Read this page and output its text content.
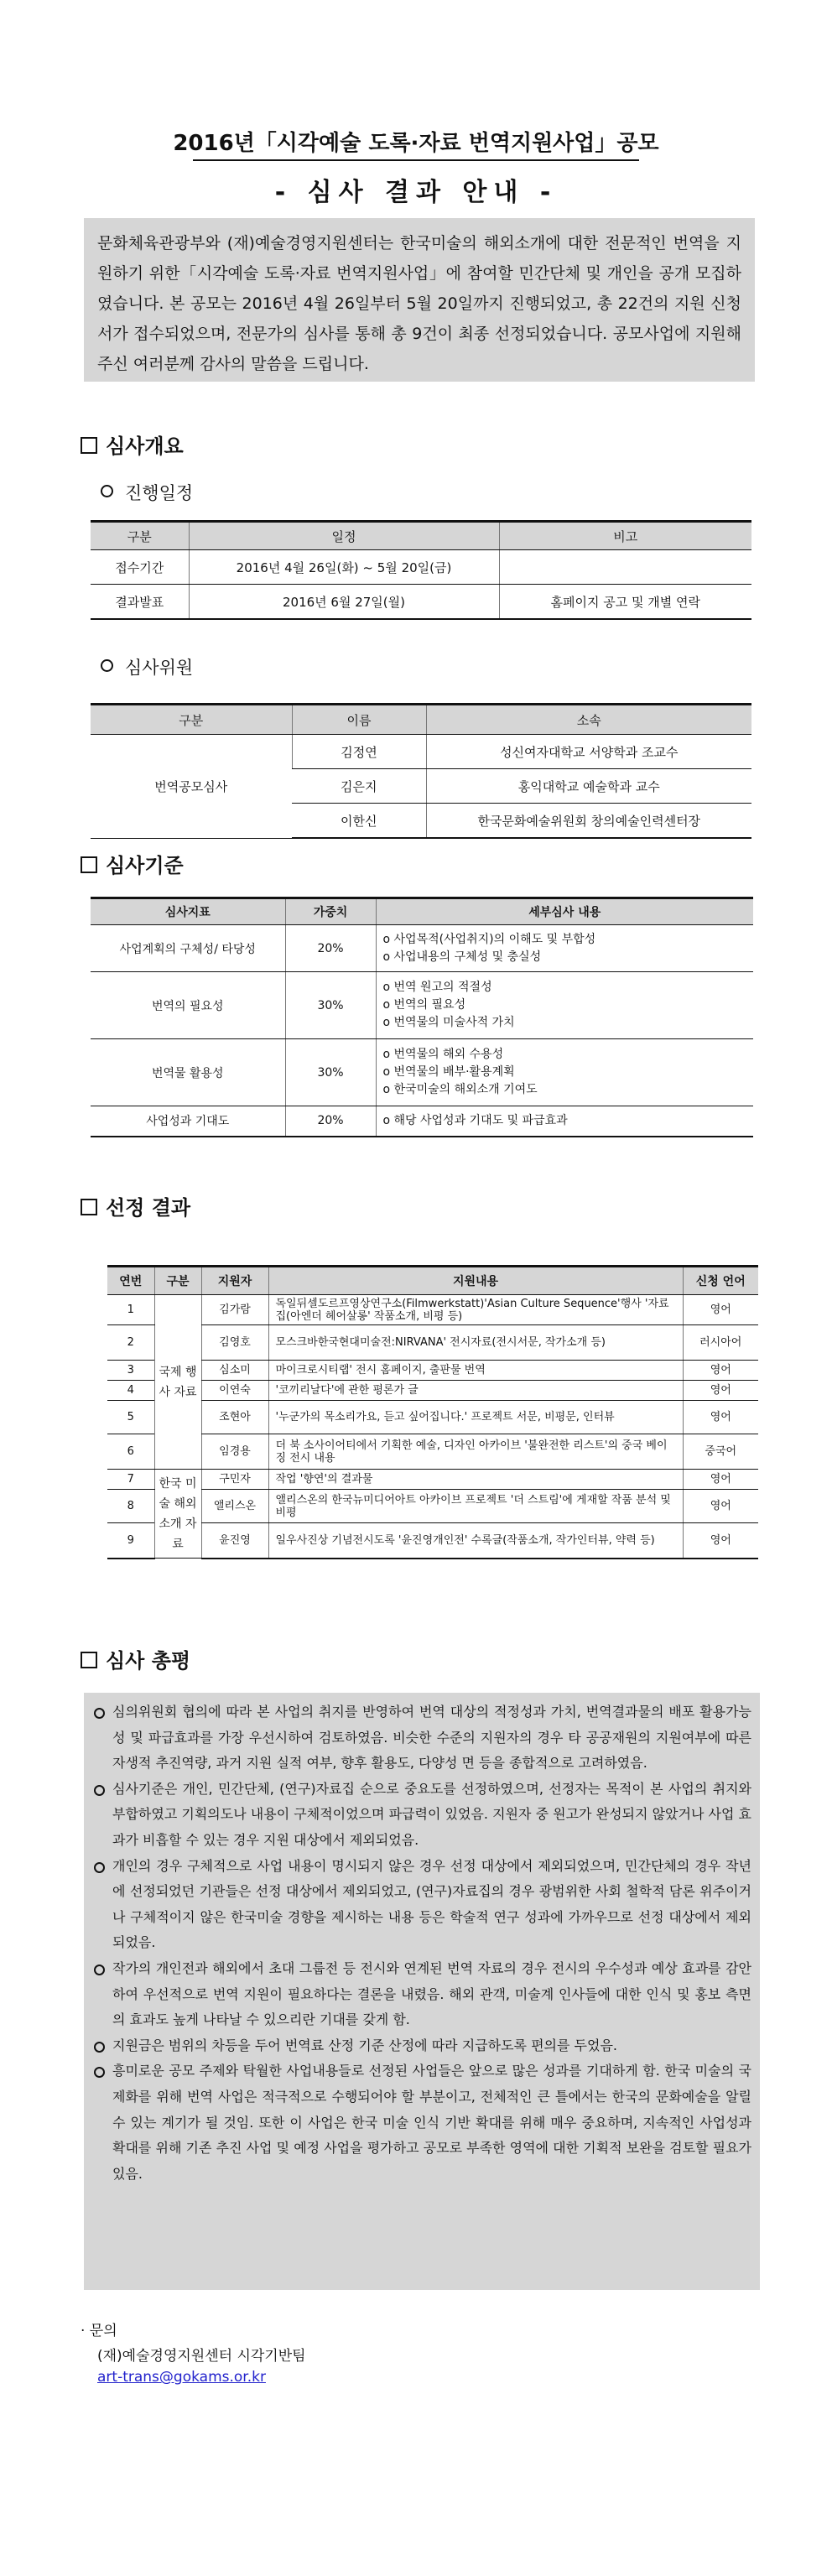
2016년「시각예술 도록·자료 번역지원사업」공모
- 심사 결과 안내 -
문화체육관광부와 (재)예술경영지원센터는 한국미술의 해외소개에 대한 전문적인 번역을 지원하기 위한「시각예술 도록·자료 번역지원사업」에 참여할 민간단체 및 개인을 공개 모집하였습니다. 본 공모는 2016년 4월 26일부터 5월 20일까지 진행되었고, 총 22건의 지원 신청서가 접수되었으며, 전문가의 심사를 통해 총 9건이 최종 선정되었습니다. 공모사업에 지원해 주신 여러분께 감사의 말씀을 드립니다.
심사개요
진행일정
구분	일정	비고
접수기간	2016년 4월 26일(화) ~ 5월 20일(금)	
결과발표	2016년 6월 27일(월)	홈페이지 공고 및 개별 연락
심사위원
구분	이름	소속
번역공모심사	김정연	성신여자대학교 서양학과 조교수
	김은지	홍익대학교 예술학과 교수
	이한신	한국문화예술위원회 창의예술인력센터장
심사기준
심사지표	가중치	세부심사 내용
사업계획의 구체성/ 타당성	20%	ο 사업목적(사업취지)의 이해도 및 부합성
ο 사업내용의 구체성 및 충실성

번역의 필요성	30%	ο 번역 원고의 적절성
ο 번역의 필요성
ο 번역물의 미술사적 가치

번역물 활용성	30%	ο 번역물의 해외 수용성
ο 번역물의 배부·활용계획
ο 한국미술의 해외소개 기여도

사업성과 기대도	20%	ο 해당 사업성과 기대도 및 파급효과
선정 결과
연번	구분	지원자	지원내용	신청 언어
1	국제 행사 자료	김가람	독일뒤셀도르프영상연구소(Filmwerkstatt)'Asian Culture Sequence'행사 '자료집(아엔더 헤어살롱' 작품소개, 비평 등)	영어
2		김영호	모스크바한국현대미술전:NIRVANA' 전시자료(전시서문, 작가소개 등)	러시아어
3		심소미	마이크로시티랩' 전시 홈페이지, 출판물 번역	영어
4		이연숙	'코끼리날다'에 관한 평론가 글	영어
5		조현아	'누군가의 목소리가요, 듣고 싶어집니다.' 프로젝트 서문, 비평문, 인터뷰	영어
6		임경용	더 북 소사이어티에서 기획한 예술, 디자인 아카이브 '불완전한 리스트'의 중국 베이징 전시 내용	중국어
7	한국 미술 해외 소개 자료	구민자	작업 '향연'의 결과물	영어
8		앨리스온	앨리스온의 한국뉴미디어아트 아카이브 프로젝트 '더 스트림'에 게재할 작품 분석 및 비평	영어
9		윤진영	일우사진상 기념전시도록 '윤진영개인전' 수록글(작품소개, 작가인터뷰, 약력 등)	영어
심사 총평

심의위원회 협의에 따라 본 사업의 취지를 반영하여 번역 대상의 적정성과 가치, 번역결과물의 배포 활용가능성 및 파급효과를 가장 우선시하여 검토하였음. 비슷한 수준의 지원자의 경우 타 공공재원의 지원여부에 따른 자생적 추진역량, 과거 지원 실적 여부, 향후 활용도, 다양성 면 등을 종합적으로 고려하였음.

심사기준은 개인, 민간단체, (연구)자료집 순으로 중요도를 선정하였으며, 선정자는 목적이 본 사업의 취지와 부합하였고 기획의도나 내용이 구체적이었으며 파급력이 있었음. 지원자 중 원고가 완성되지 않았거나 사업 효과가 비흡할 수 있는 경우 지원 대상에서 제외되었음.

개인의 경우 구체적으로 사업 내용이 명시되지 않은 경우 선정 대상에서 제외되었으며, 민간단체의 경우 작년에 선정되었던 기관들은 선정 대상에서 제외되었고, (연구)자료집의 경우 광범위한 사회 철학적 담론 위주이거나 구체적이지 않은 한국미술 경향을 제시하는 내용 등은 학술적 연구 성과에 가까우므로 선정 대상에서 제외되었음.

작가의 개인전과 해외에서 초대 그룹전 등 전시와 연계된 번역 자료의 경우 전시의 우수성과 예상 효과를 감안하여 우선적으로 번역 지원이 필요하다는 결론을 내렸음. 해외 관객, 미술계 인사들에 대한 인식 및 홍보 측면의 효과도 높게 나타날 수 있으리란 기대를 갖게 함.

지원금은 범위의 차등을 두어 번역료 산정 기준 산정에 따라 지급하도록 편의를 두었음.

흥미로운 공모 주제와 탁월한 사업내용들로 선정된 사업들은 앞으로 많은 성과를 기대하게 함. 한국 미술의 국제화를 위해 번역 사업은 적극적으로 수행되어야 할 부분이고, 전체적인 큰 틀에서는 한국의 문화예술을 알릴 수 있는 계기가 될 것임. 또한 이 사업은 한국 미술 인식 기반 확대를 위해 매우 중요하며, 지속적인 사업성과 확대를 위해 기존 추진 사업 및 예정 사업을 평가하고 공모로 부족한 영역에 대한 기획적 보완을 검토할 필요가 있음.

· 문의
(재)예술경영지원센터 시각기반팀
art-trans@gokams.or.kr
